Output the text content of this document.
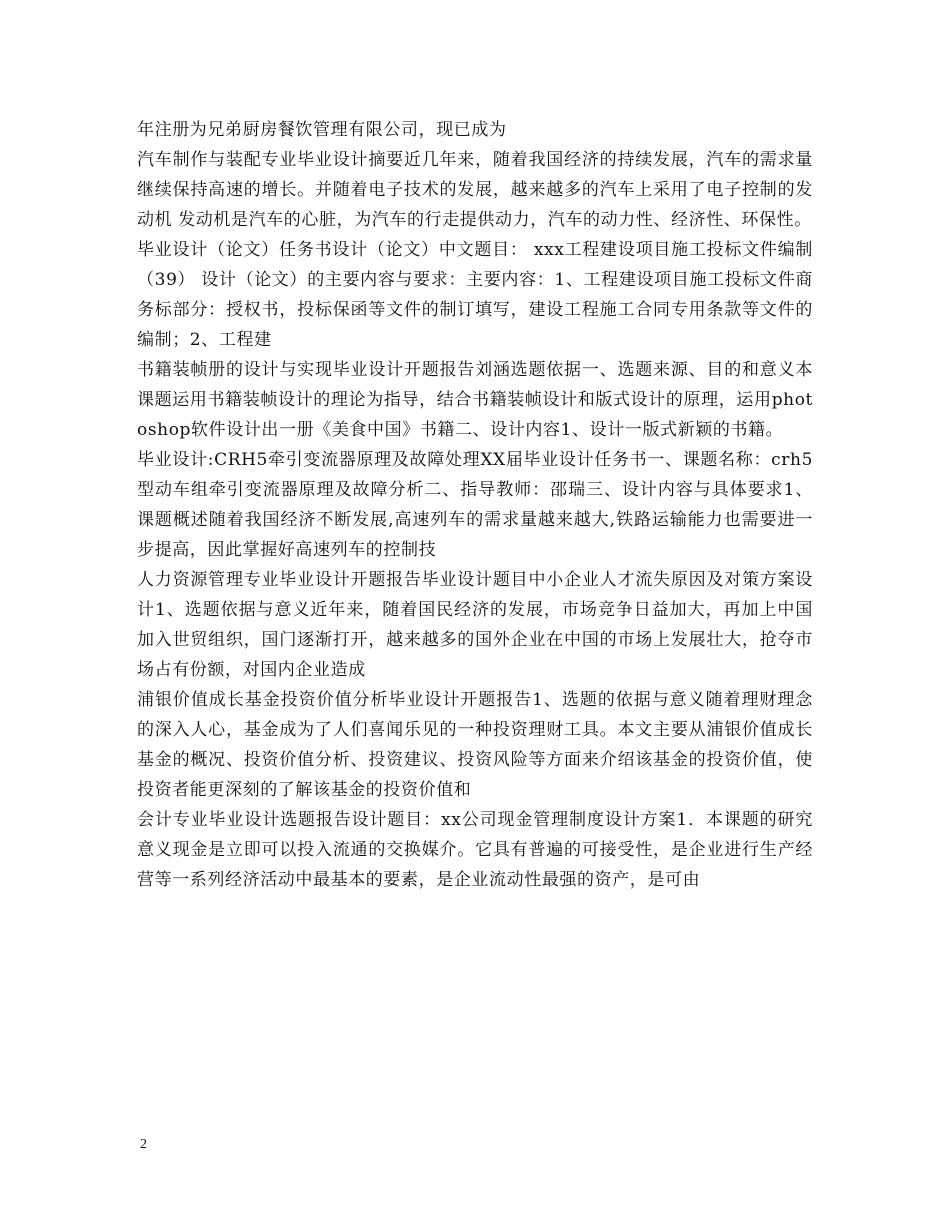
年注册为兄弟厨房餐饮管理有限公司，现已成为

汽车制作与装配专业毕业设计摘要近几年来，随着我国经济的持续发展，汽车的需求量继续保持高速的增长。并随着电子技术的发展，越来越多的汽车上采用了电子控制的发动机 发动机是汽车的心脏，为汽车的行走提供动力，汽车的动力性、经济性、环保性。

毕业设计（论文）任务书设计（论文）中文题目： xxx工程建设项目施工投标文件编制（39） 设计（论文）的主要内容与要求：主要内容：1、工程建设项目施工投标文件商务标部分：授权书，投标保函等文件的制订填写，建设工程施工合同专用条款等文件的编制；2、工程建

书籍装帧册的设计与实现毕业设计开题报告刘涵选题依据一、选题来源、目的和意义本课题运用书籍装帧设计的理论为指导，结合书籍装帧设计和版式设计的原理，运用photoshop软件设计出一册《美食中国》书籍二、设计内容1、设计一版式新颖的书籍。

毕业设计:CRH5牵引变流器原理及故障处理XX届毕业设计任务书一、课题名称：crh5型动车组牵引变流器原理及故障分析二、指导教师：邵瑞三、设计内容与具体要求1、课题概述随着我国经济不断发展,高速列车的需求量越来越大,铁路运输能力也需要进一步提高，因此掌握好高速列车的控制技

人力资源管理专业毕业设计开题报告毕业设计题目中小企业人才流失原因及对策方案设计1、选题依据与意义近年来，随着国民经济的发展，市场竞争日益加大，再加上中国加入世贸组织，国门逐渐打开，越来越多的国外企业在中国的市场上发展壮大，抢夺市场占有份额，对国内企业造成

浦银价值成长基金投资价值分析毕业设计开题报告1、选题的依据与意义随着理财理念的深入人心，基金成为了人们喜闻乐见的一种投资理财工具。本文主要从浦银价值成长基金的概况、投资价值分析、投资建议、投资风险等方面来介绍该基金的投资价值，使投资者能更深刻的了解该基金的投资价值和

会计专业毕业设计选题报告设计题目：xx公司现金管理制度设计方案1．本课题的研究意义现金是立即可以投入流通的交换媒介。它具有普遍的可接受性，是企业进行生产经营等一系列经济活动中最基本的要素，是企业流动性最强的资产，是可由

2
